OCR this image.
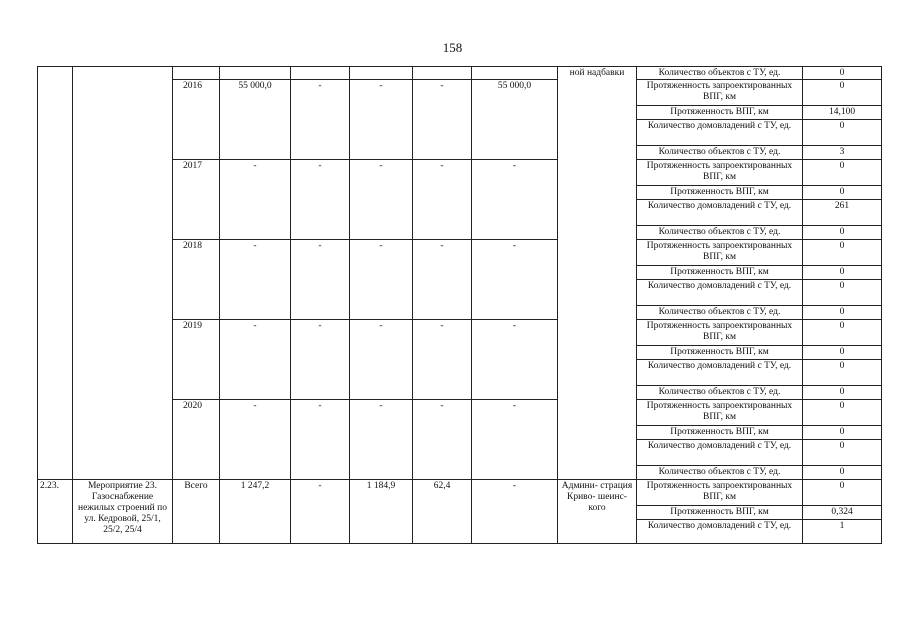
158
								ной надбавки	Количество объектов с ТУ, ед.	0
		2016	55 000,0	-	-	-	55 000,0		Протяженность запроектированных ВПГ, км	0
									Протяженность ВПГ, км	14,100
									Количество домовладений с ТУ, ед.	0
									Количество объектов с ТУ, ед.	3
		2017	-	-	-	-	-		Протяженность запроектированных ВПГ, км	0
									Протяженность ВПГ, км	0
									Количество домовладений с ТУ, ед.	261
									Количество объектов с ТУ, ед.	0
		2018	-	-	-	-	-		Протяженность запроектированных ВПГ, км	0
									Протяженность ВПГ, км	0
									Количество домовладений с ТУ, ед.	0
									Количество объектов с ТУ, ед.	0
		2019	-	-	-	-	-		Протяженность запроектированных ВПГ, км	0
									Протяженность ВПГ, км	0
									Количество домовладений с ТУ, ед.	0
									Количество объектов с ТУ, ед.	0
		2020	-	-	-	-	-		Протяженность запроектированных ВПГ, км	0
									Протяженность ВПГ, км	0
									Количество домовладений с ТУ, ед.	0
									Количество объектов с ТУ, ед.	0
2.23.	Мероприятие 23. Газоснабжение нежилых строений по ул. Кедровой, 25/1, 25/2, 25/4	Всего	1 247,2	-	1 184,9	62,4	-	Админи- страция Криво- шеинс- кого	Протяженность запроектированных ВПГ, км	0
									Протяженность ВПГ, км	0,324
									Количество домовладений с ТУ, ед.	1
